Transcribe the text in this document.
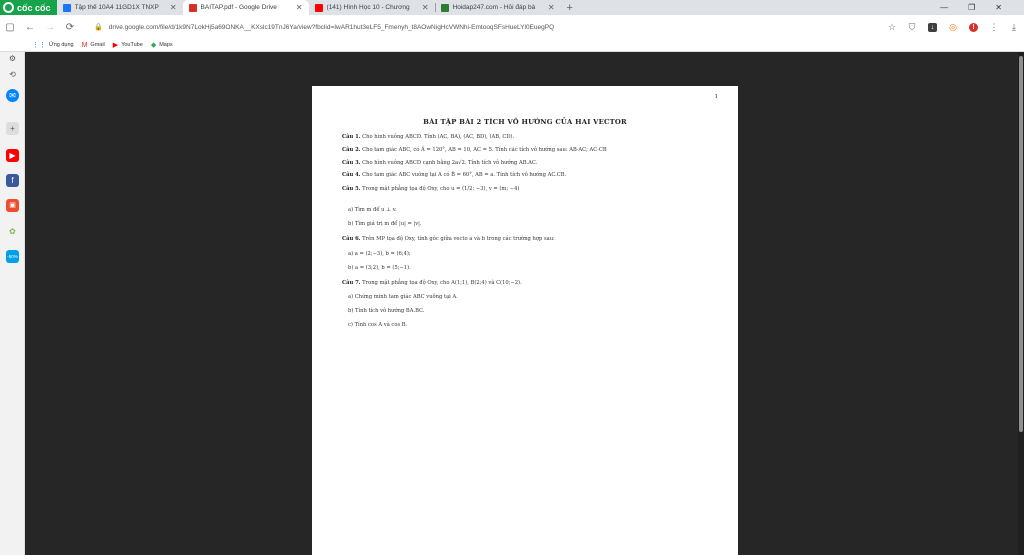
cốc cốc	Tập thể 10A4 11GD1X TNXP	✕	BAITAP.pdf - Google Drive	✕	(141) Hình Học 10 - Chương	✕	Hoidap247.com - Hỏi đáp bà	✕	+	—	❐	✕
▢	←	→	⟳	🔒 drive.google.com/file/d/1k9N7LokHj5a69ONKA__KXslc19TnJ6Ya/view?fbclid=IwAR1hut3eLF5_Fmenyh_t8AOwNigHcVWNhi-EmtooqSFsHueLYl0EuegPQ	☆	⛉	↓	◎	!	⋮	⤓
⋮⋮ Ứng dụng M Gmail ▶ YouTube ◆ Maps
⚙
⟲
✉
+
▶
f
▣
✿
-50%
1
BÀI TẬP BÀI 2 TÍCH VÔ HƯỚNG CỦA HAI VECTOR
Câu 1. Cho hình vuông ABCD. Tính (AC, BA), (AC, BD), (AB, CD).
Câu 2. Cho tam giác ABC, có Â = 120°, AB = 10, AC = 5. Tính các tích vô hướng sau: AB·AC; AC·CB
Câu 3. Cho hình vuông ABCD cạnh bằng 2a√2. Tính tích vô hướng AB.AC.
Câu 4. Cho tam giác ABC vuông tại A có B̂ = 60°, AB = a. Tính tích vô hướng AC.CB.
Câu 5. Trong mặt phẳng tọa độ Oxy, cho u = (1/2; −3), v = (m; −4)
a) Tìm m để u ⊥ v.
b) Tìm giá trị m để |u| = |v|.
Câu 6. Trên MP tọa độ Oxy, tính góc giữa vecto a và b trong các trường hợp sau:
a) a = (2;−3), b = (6;4);
b) a = (3;2), b = (5;−1).
Câu 7. Trong mặt phẳng tọa độ Oxy, cho A(1;1), B(2;4) và C(10;−2).
a) Chứng minh tam giác ABC vuông tại A.
b) Tính tích vô hướng BA.BC.
c) Tính cos A và cos B.
